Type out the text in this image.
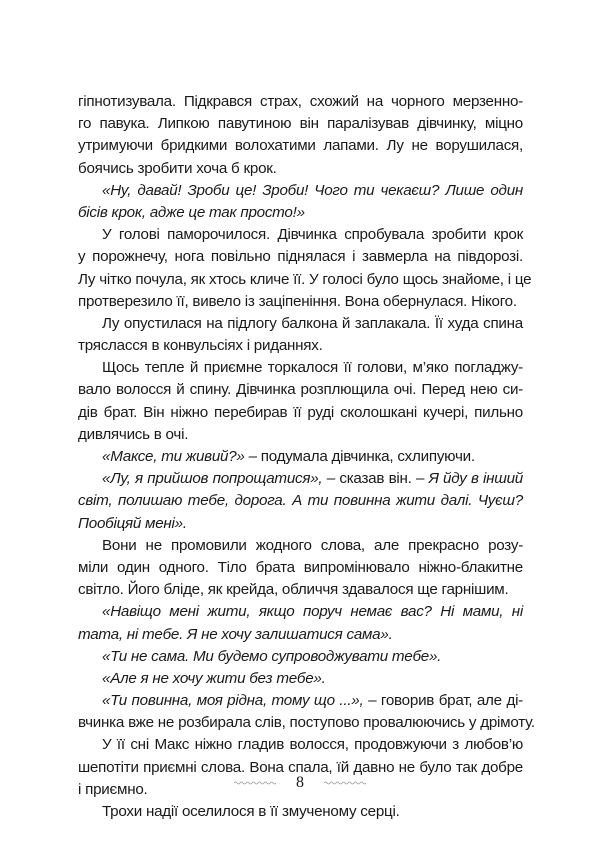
гіпнотизувала. Підкрався страх, схожий на чорного мерзенно-
го павука. Липкою павутиною він паралізував дівчинку, міцно
утримуючи бридкими волохатими лапами. Лу не ворушилася,
боячись зробити хоча б крок.
«Ну, давай! Зроби це! Зроби! Чого ти чекаєш? Лише один
бісів крок, адже це так просто!»
У голові паморочилося. Дівчинка спробувала зробити крок
у порожнечу, нога повільно піднялася і завмерла на півдорозі.
Лу чітко почула, як хтось кличе її. У голосі було щось знайоме, і це
протверезило її, вивело із заціпеніння. Вона обернулася. Нікого.
Лу опустилася на підлогу балкона й заплакала. Її худа спина
трясласся в конвульсіях і риданнях.
Щось тепле й приємне торкалося її голови, м’яко погладжу-
вало волосся й спину. Дівчинка розплющила очі. Перед нею си-
дів брат. Він ніжно перебирав її руді сколошкані кучері, пильно
дивлячись в очі.
«Максе, ти живий?» – подумала дівчинка, схлипуючи.
«Лу, я прийшов попрощатися», – сказав він. – Я йду в інший
світ, полишаю тебе, дорога. А ти повинна жити далі. Чуєш?
Пообіцяй мені».
Вони не промовили жодного слова, але прекрасно розу-
міли один одного. Тіло брата випромінювало ніжно-блакитне
світло. Його бліде, як крейда, обличчя здавалося ще гарнішим.
«Навіщо мені жити, якщо поруч немає вас? Ні мами, ні
тата, ні тебе. Я не хочу залишатися сама».
«Ти не сама. Ми будемо супроводжувати тебе».
«Але я не хочу жити без тебе».
«Ти повинна, моя рідна, тому що ...», – говорив брат, але ді-
вчинка вже не розбирала слів, поступово провалюючись у дрімоту.
У її сні Макс ніжно гладив волосся, продовжуючи з любов’ю
шепотіти приємні слова. Вона спала, їй давно не було так добре
і приємно.
Трохи надії оселилося в її змученому серці.
8
